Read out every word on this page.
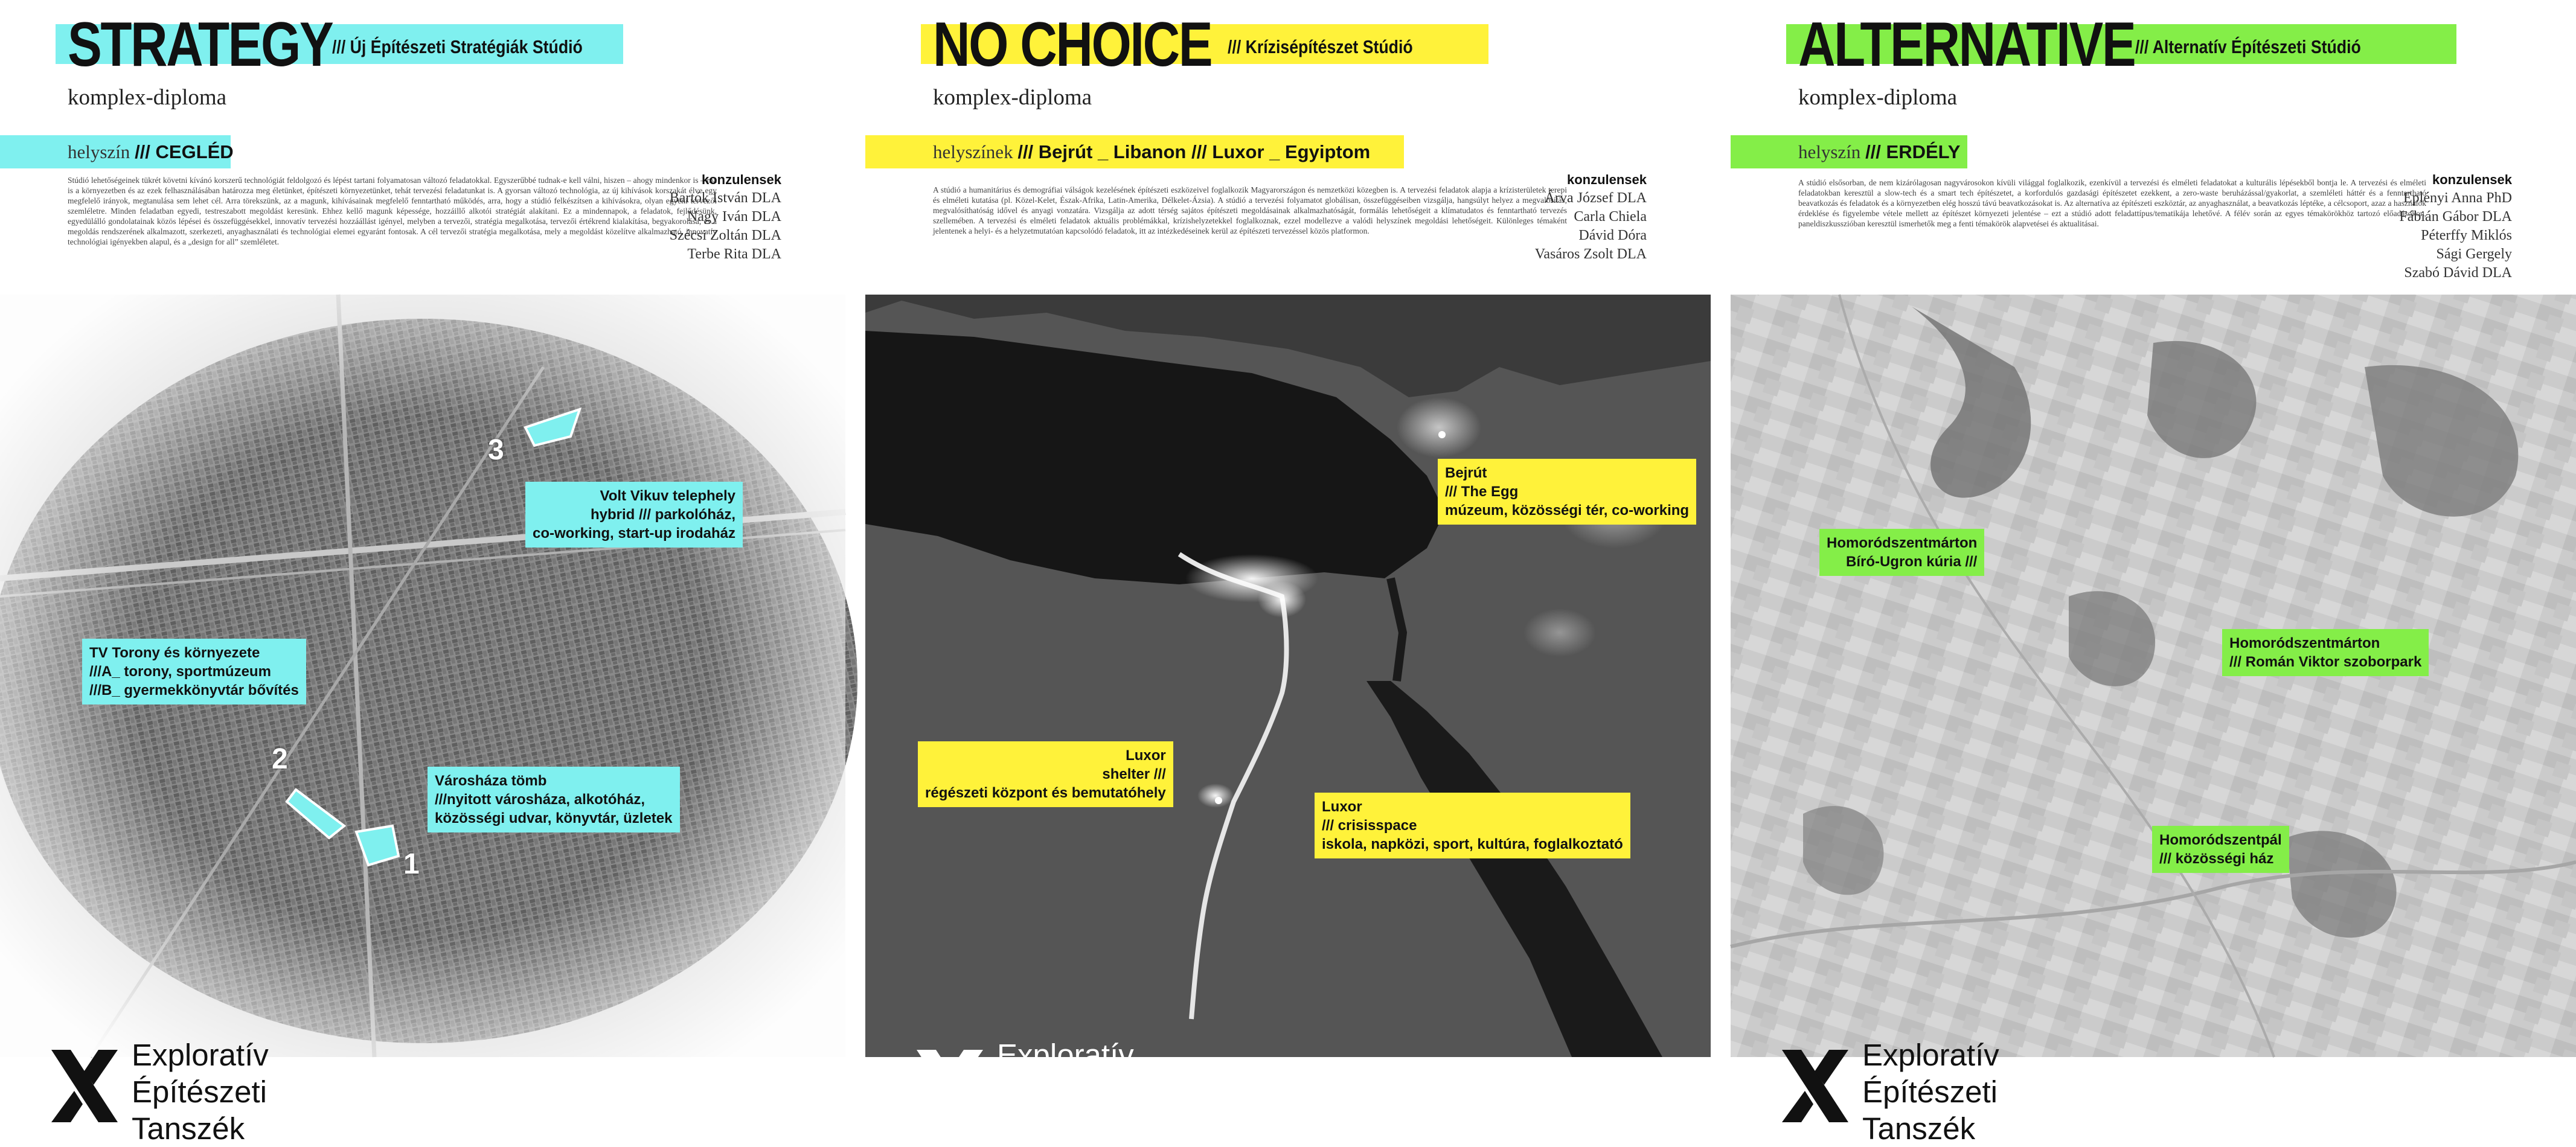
STRATEGY /// Új Építészeti Stratégiák Stúdió
komplex-diploma
helyszín /// CEGLÉD
Stúdió lehetőségeinek tükrét követni kívánó korszerű technológiát feldolgozó és lépést tartani folyamatosan változó feladatokkal. Egyszerűbbé tudnak-e kell válni, hiszen – ahogy mindenkor is – ma is a környezetben és az ezek felhasználásában határozza meg életünket, építészeti környezetünket, tehát tervezési feladatunkat is. A gyorsan változó technológia, az új kihívások korszakát élve egy megfelelő irányok, megtanulása sem lehet cél. Arra törekszünk, az a magunk, kihívásainak megfelelő fenntartható működés, arra, hogy a stúdió felkészítsen a kihívásokra, olyan egyéni tervezői szemléletre. Minden feladatban egyedi, testreszabott megoldást keresünk. Ehhez kellő magunk képessége, hozzáillő alkotói stratégiát alakítani. Ez a mindennapok, a feladatok, fejlődésünk, egyedülálló gondolatainak közös lépései és összefüggésekkel, innovatív tervezési hozzáállást igényel, melyben a tervezői, stratégia megalkotása, tervezői értékrend kialakítása, begyakorolása, és a megoldás rendszerének alkalmazott, szerkezeti, anyaghasználati és technológiai elemei egyaránt fontosak. A cél tervezői stratégia megalkotása, mely a megoldást közelítve alkalmazható, innovatív technológiai igényekben alapul, és a „design for all” szemléletet.
konzulensek
Bartók István DLA
Nagy Iván DLA
Szécsi Zoltán DLA
Terbe Rita DLA
3
2
1
Volt Vikuv telephely
hybrid /// parkolóház,
co-working, start-up irodaház
TV Torony és környezete
///A_ torony, sportmúzeum
///B_ gyermekkönyvtár bővítés
Városháza tömb
///nyitott városháza, alkotóház,
közösségi udvar, könyvtár, üzletek
Exploratív
Építészeti
Tanszék
NO CHOICE /// Krízisépítészet Stúdió
komplex-diploma
helyszínek /// Bejrút _ Libanon /// Luxor _ Egyiptom
A stúdió a humanitárius és demográfiai válságok kezelésének építészeti eszközeivel foglalkozik Magyarországon és nemzetközi közegben is. A tervezési feladatok alapja a krízisterületek terepi és elméleti kutatása (pl. Közel-Kelet, Észak-Afrika, Latin-Amerika, Délkelet-Ázsia). A stúdió a tervezési folyamatot globálisan, összefüggéseiben vizsgálja, hangsúlyt helyez a megvalósítás, megvalósíthatóság idővel és anyagi vonzatára. Vizsgálja az adott térség sajátos építészeti megoldásainak alkalmazhatóságát, formálás lehetőségeit a klímatudatos és fenntartható tervezés szellemében. A tervezési és elméleti feladatok aktuális problémákkal, krízishelyzetekkel foglalkoznak, ezzel modellezve a valódi helyszínek megoldási lehetőségeit. Különleges témaként jelentenek a helyi- és a helyzetmutatóan kapcsolódó feladatok, itt az intézkedéseinek kerül az építészeti tervezéssel közös platformon.
konzulensek
Árva József DLA
Carla Chiela
Dávid Dóra
Vasáros Zsolt DLA
Bejrút
/// The Egg
múzeum, közösségi tér, co-working
Luxor
shelter ///
régészeti központ és bemutatóhely
Luxor
/// crisisspace
iskola, napközi, sport, kultúra, foglalkoztató
Exploratív
Építészeti
Tanszék
ALTERNATIVE /// Alternatív Építészeti Stúdió
komplex-diploma
helyszín /// ERDÉLY
A stúdió elsősorban, de nem kizárólagosan nagyvárosokon kívüli világgal foglalkozik, ezenkívül a tervezési és elméleti feladatokat a kulturális lépésekből bontja le. A tervezési és elméleti feladatokban keresztül a slow-tech és a smart tech építészetet, a korfordulós gazdasági építészetet ezekkent, a zero-waste beruházással/gyakorlat, a szemléleti háttér és a fenntartható beavatkozás és feladatok és a környezetben elég hosszú távú beavatkozásokat is. Az alternatíva az építészeti eszköztár, az anyaghasználat, a beavatkozás léptéke, a célcsoport, azaz a használók érdeklése és figyelembe vétele mellett az építészet környezeti jelentése – ezt a stúdió adott feladattípus/tematikája lehetővé. A félév során az egyes témakörökhöz tartozó előadásokon, paneldiszkusszióban keresztül ismerhetők meg a fenti témakörök alapvetései és aktualitásai.
konzulensek
Eplényi Anna PhD
Fábián Gábor DLA
Péterffy Miklós
Sági Gergely
Szabó Dávid DLA
Homoródszentmárton
Bíró-Ugron kúria ///
Homoródszentmárton
/// Román Viktor szoborpark
Homoródszentpál
/// közösségi ház
Exploratív
Építészeti
Tanszék
